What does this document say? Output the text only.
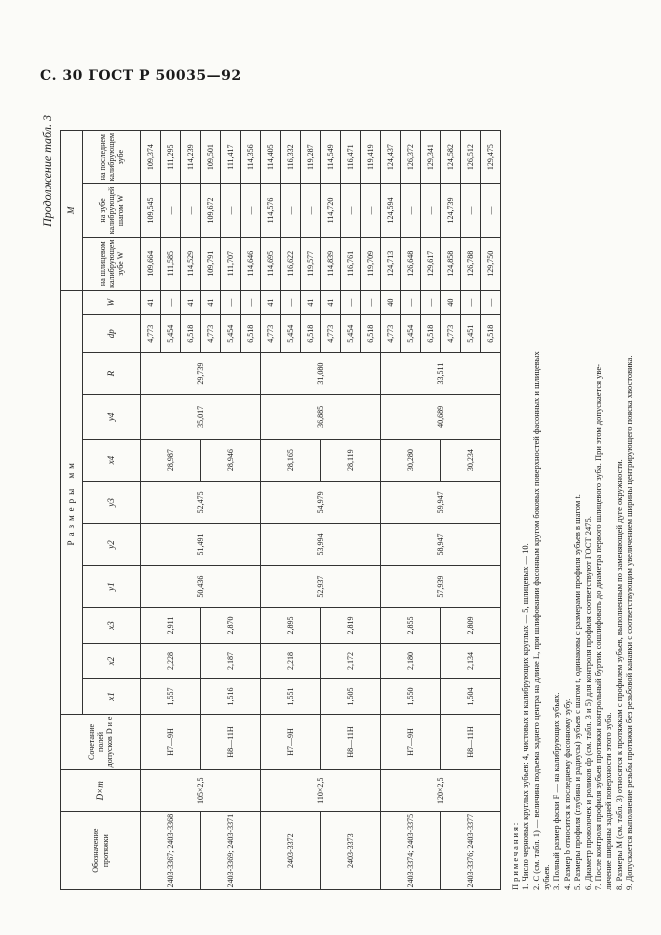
С. 30 ГОСТ Р 50035—92
Продолжение табл. 3
Обозначение протяжки	D×m	Сочетание полей допусков D и e	Размеры мм											M		
			x1	x2	x3	y1	y2	y3	x4	y4	R	dp	W	на шлицевом калибрующем зубе W	на зубе калибрующей шагом W	на последнем калибрующем зубе
2403-3367; 2403-3368	105×2,5	Н7—9Н	1,557	2,228	2,911	50,436	51,491	52,475	28,987	35,017	29,739	4,773	41	109,664	109,545	109,374
												5,454	—	111,585	—	111,295
												6,518	41	114,529	—	114,239
2403-3369; 2403-3371		Н8—11Н	1,516	2,187	2,870				28,946			4,773	41	109,791	109,672	109,501
												5,454	—	111,707	—	111,417
												6,518	—	114,646	—	114,356
2403-3372	110×2,5	Н7—9Н	1,551	2,218	2,895	52,937	53,994	54,979	28,165	36,885	31,080	4,773	41	114,695	114,576	114,405
												5,454	—	116,622	—	116,332
												6,518	41	119,577	—	119,287
2403-3373		Н8—11Н	1,505	2,172	2,819				28,119			4,773	41	114,839	114,720	114,549
												5,454	—	116,761	—	116,471
												6,518	—	119,709	—	119,419
2403-3374; 2403-3375	120×2,5	Н7—9Н	1,550	2,180	2,855	57,939	58,947	59,947	30,280	40,689	33,511	4,773	40	124,713	124,594	124,437
												5,454	—	126,648	—	126,372
												6,518	—	129,617	—	129,341
2403-3376; 2403-3377		Н8—11Н	1,504	2,134	2,809				30,234			4,773	40	124,858	124,739	124,582
												5,451	—	126,788	—	126,512
												6,518	—	129,750	—	129,475
Примечания: 1. Число черновых круглых зубьев: 4, чистовых и калибрующих круглых — 5, шлицевых — 10. 2. С (см. табл. 1) — величина подъема заднего центра на длине L, при шлифовании фасонным кругом боковых поверхностей фасонных и шлицевых зубьев. 3. Полный размер фаски F — на калибрующих зубьях. 4. Размер b относится к последнему фасонному зубу. 5. Размеры профиля (глубина и радиусы) зубьев с шагом t, одинаковы с размерами профиля зубьев в шагом t. 6. Диаметр проволочек и роликов dp (см. табл. 3 и 5) для контроля профиля соответствуют ГОСТ 2475. 7. После контроля профиля зубьев протяжки контрольный буртик сошлифовать до диаметра первого шлицевого зуба. При этом допускается уве- личение ширины задней поверхности этого зуба. 8. Размеры М (см. табл. 3) относятся к протяжкам с профилем зубьев, выполненным по заменяющей дуге окружности. 9. Допускается выполнение резьбы протяжки без резьбовой канавки с соответствующим увеличением ширины центрирующего пояска хвостовика.
